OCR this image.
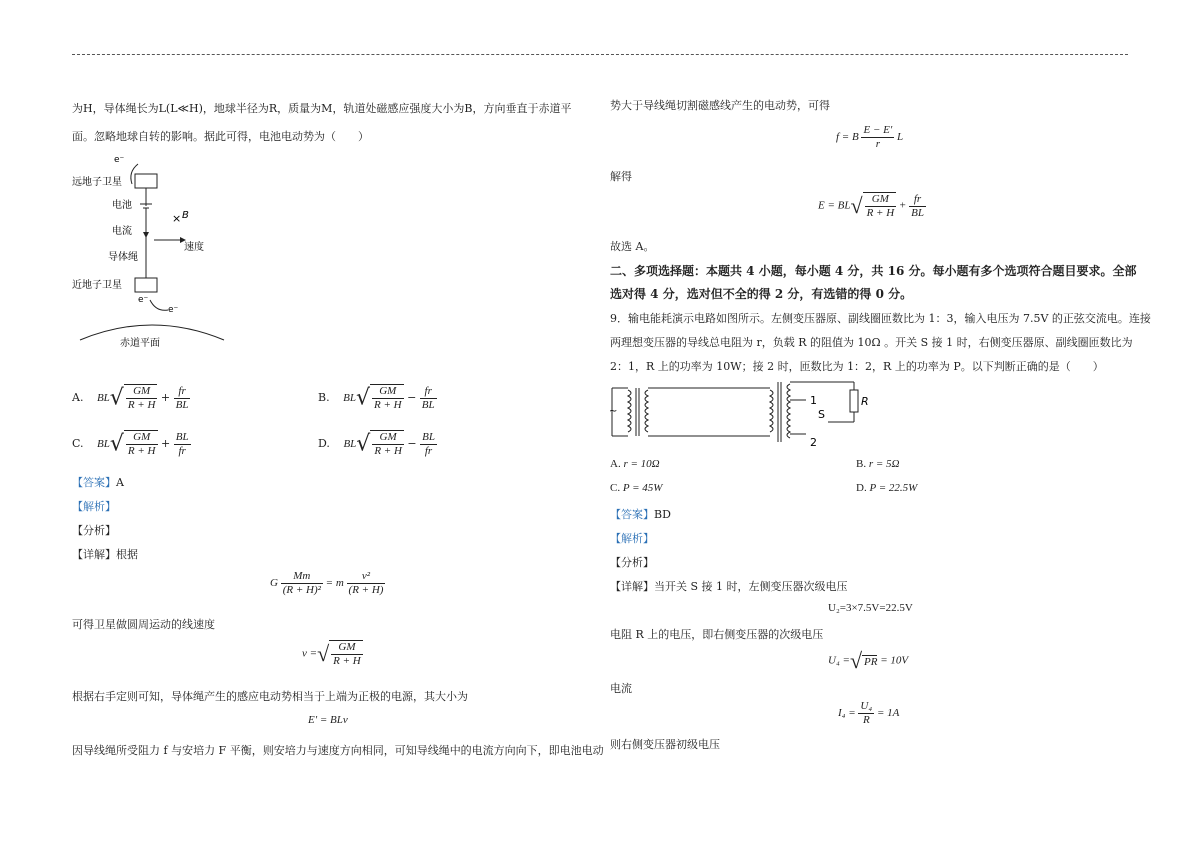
为H，导体绳长为L(L≪H)，地球半径为R，质量为M，轨道处磁感应强度大小为B，方向垂直于赤道平
面。忽略地球自转的影响。据此可得，电池电动势为（　　）
e⁻
远地子卫星
电池
电流
× B
速度
导体绳
近地子卫星
e⁻
e⁻
赤道平面
A. $BL√ \frac{GM}{R + H} + \frac{fr}{BL}$	B. $BL√ \frac{GM}{R + H} - \frac{fr}{BL}$
C. $BL√ \frac{GM}{R + H} + \frac{BL}{fr}$	D. $BL√ \frac{GM}{R + H} - \frac{BL}{fr}$
【答案】A
【解析】
【分析】
【详解】根据
G $\frac{Mm}{\text{(R + H)²}} = m \frac{\text{v²}}{(R + H)}$
可得卫星做圆周运动的线速度
v =√ $\frac{GM}{R + H}$
根据右手定则可知，导体绳产生的感应电动势相当于上端为正极的电源，其大小为
E′ = BLv
因导线绳所受阻力 f 与安培力 F 平衡，则安培力与速度方向相同，可知导线绳中的电流方向向下，即电池电动
势大于导线绳切割磁感线产生的电动势，可得
f = B $\frac{E - E'}{r}$ L
解得
$E = BL√ \frac{GM}{R + H} + \frac{fr}{BL}$
故选 A。
二、多项选择题：本题共 4 小题，每小题 4 分，共 16 分。每小题有多个选项符合题目要求。全部
选对得 4 分，选对但不全的得 2 分，有选错的得 0 分。
9．输电能耗演示电路如图所示。左侧变压器原、副线圈匝数比为 1：3，输入电压为 7.5V 的正弦交流电。连接
两理想变压器的导线总电阻为 r，负载 R 的阻值为 10Ω 。开关 S 接 1 时，右侧变压器原、副线圈匝数比为
2：1，R 上的功率为 10W；接 2 时，匝数比为 1：2，R 上的功率为 P。以下判断正确的是（　　）
~
1
2
S
R
A. r = 10Ω	B. r = 5Ω
C. P = 45W	D. P = 22.5W
【答案】BD
【解析】
【分析】
【详解】当开关 S 接 1 时，左侧变压器次级电压
U₂=3×7.5V=22.5V
电阻 R 上的电压，即右侧变压器的次级电压
U₄ =√ PR = 10V
电流
$I_4 = \frac{\text{U₄}}{R} = 1A$
则右侧变压器初级电压
